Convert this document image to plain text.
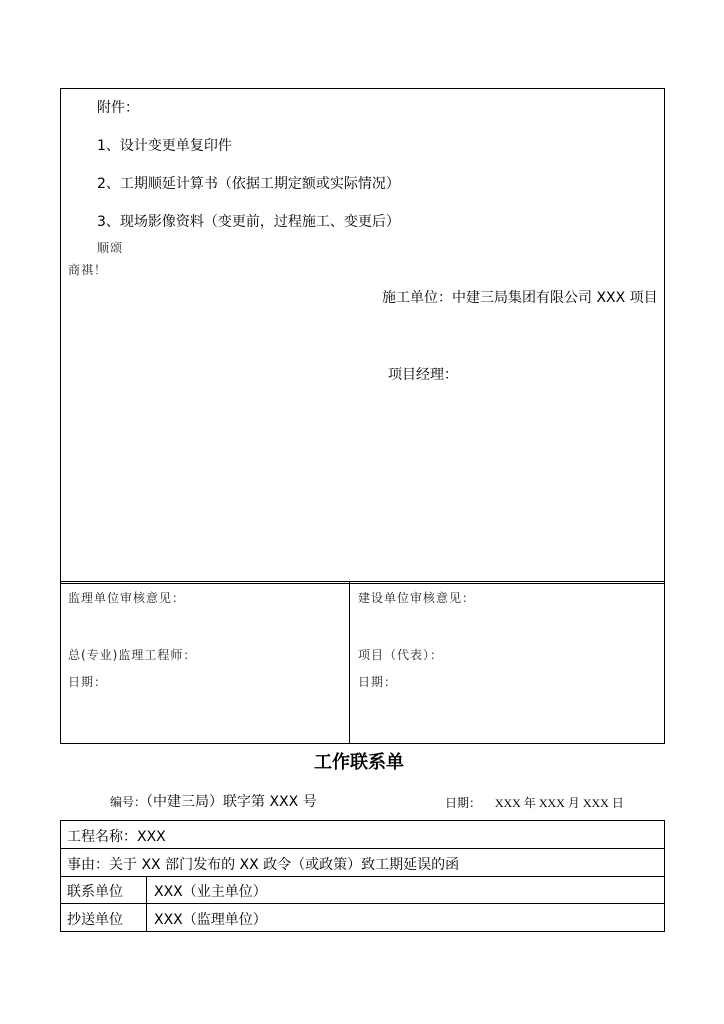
附件：
1、设计变更单复印件
2、工期顺延计算书（依据工期定额或实际情况）
3、现场影像资料（变更前，过程施工、变更后）
顺颂
商祺！
施工单位：中建三局集团有限公司 XXX 项目
项目经理：
监理单位审核意见：
总(专业)监理工程师：
日期：
建设单位审核意见：
项目（代表）：
日期：
工作联系单
编号：（中建三局）联字第 XXX 号	日期： XXX 年 XXX 月 XXX 日
工程名称：XXX
事由：关于 XX 部门发布的 XX 政令（或政策）致工期延误的函
联系单位 XXX（业主单位）
抄送单位 XXX（监理单位）
